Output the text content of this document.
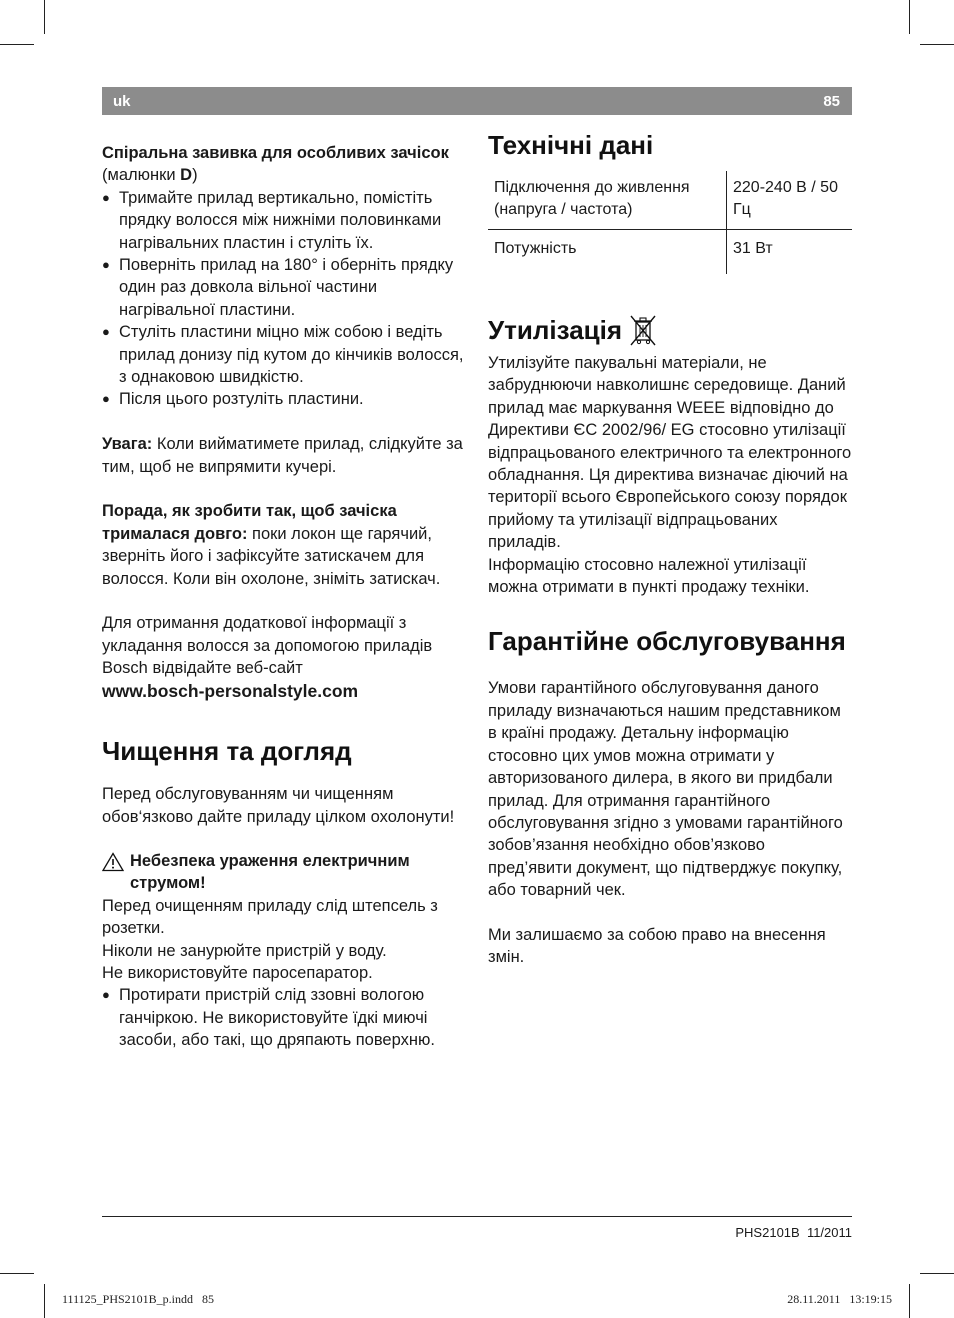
uk	85

Спіральна завивка для особливих зачісок (малюнки D)

● Тримайте прилад вертикально, помістіть прядку волосся між нижніми половинками нагрівальних пластин і стуліть їх.
● Поверніть прилад на 180° і оберніть прядку один раз довкола вільної частини нагрівальної пластини.
● Стуліть пластини міцно між собою і ведіть прилад донизу під кутом до кінчиків волосся, з однаковою швидкістю.
● Після цього розтуліть пластини.

Увага: Коли вийматимете прилад, слідкуйте за тим, щоб не випрямити кучері.

Порада, як зробити так, щоб зачіска трималася довго: поки локон ще гарячий, зверніть його і зафіксуйте затискачем для волосся. Коли він охолоне, зніміть затискач.

Для отримання додаткової інформації з укладання волосся за допомогою приладів Bosch відвідайте веб-сайт

www.bosch-personalstyle.com

Чищення та догляд

Перед обслуговуванням чи чищенням обов‘язково дайте приладу цілком охолонути!

Небезпека ураження електричним струмом!

Перед очищенням приладу слід штепсель з розетки.

Ніколи не занурюйте пристрій у воду.

Не використовуйте паросепаратор.

● Протирати пристрій слід ззовні вологою ганчіркою. Не використовуйте їдкі миючі засоби, або такі, що дряпають поверхню.
Технічні дані
Підключення до живлення (напруга / частота)	220-240 В / 50 Гц
Потужність	31 Вт
Утилізація

Утилізуйте пакувальні матеріали, не забруднюючи навколишнє середовище. Даний прилад має маркування WEEE відповідно до Директиви ЄС 2002/96/ EG стосовно утилізації відпрацьованого електричного та електронного обладнання. Ця директива визначає діючий на території всього Європейського союзу порядок прийому та утилізації відпрацьованих приладів.

Інформацію стосовно належної утилізації можна отримати в пункті продажу техніки.

Гарантійне обслуговування

Умови гарантійного обслуговування даного приладу визначаються нашим представником в країні продажу. Детальну інформацію стосовно цих умов можна отримати у авторизованого дилера, в якого ви придбали прилад. Для отримання гарантійного обслуговування згідно з умовами гарантійного зобов’язання необхідно обов’язково пред’явити документ, що підтверджує покупку, або товарний чек.

Ми залишаємо за собою право на внесення змін.

PHS2101B 11/2011
111125_PHS2101B_p.indd   85	28.11.2011   13:19:15
